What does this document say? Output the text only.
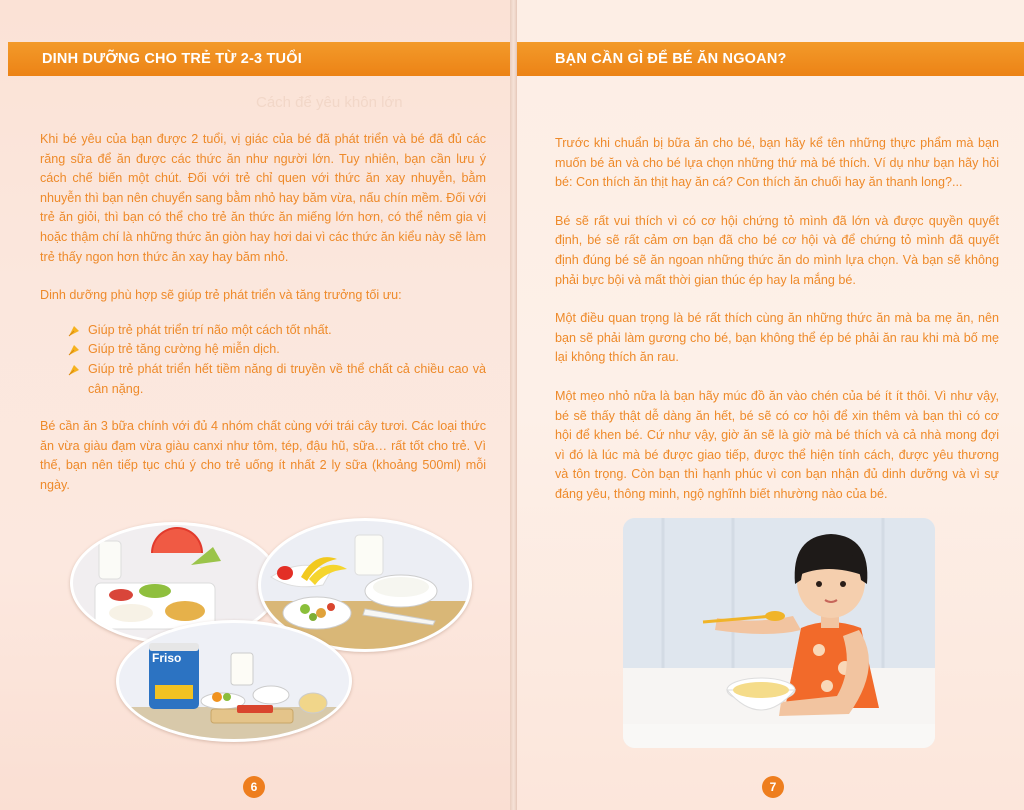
DINH DƯỠNG CHO TRẺ TỪ 2-3 TUỔI
Cách để yêu khôn lớn

Khi bé yêu của bạn được 2 tuổi, vị giác của bé đã phát triển và bé đã đủ các răng sữa để ăn được các thức ăn như người lớn. Tuy nhiên, bạn cần lưu ý cách chế biến một chút. Đối với trẻ chỉ quen với thức ăn xay nhuyễn, bằm nhuyễn thì bạn nên chuyển sang bằm nhỏ hay băm vừa, nấu chín mềm. Đối với trẻ ăn giỏi, thì bạn có thể cho trẻ ăn thức ăn miếng lớn hơn, có thể nêm gia vị hoặc thậm chí là những thức ăn giòn hay hơi dai vì các thức ăn kiểu này sẽ làm trẻ thấy ngon hơn thức ăn xay hay băm nhỏ.

Dinh dưỡng phù hợp sẽ giúp trẻ phát triển và tăng trưởng tối ưu:

Giúp trẻ phát triển trí não một cách tốt nhất.
Giúp trẻ tăng cường hệ miễn dịch.
Giúp trẻ phát triển hết tiềm năng di truyền về thể chất cả chiều cao và cân nặng.

Bé cần ăn 3 bữa chính với đủ 4 nhóm chất cùng với trái cây tươi. Các loại thức ăn vừa giàu đạm vừa giàu canxi như tôm, tép, đậu hũ, sữa… rất tốt cho trẻ. Vì thế, bạn nên tiếp tục chú ý cho trẻ uống ít nhất 2 ly sữa (khoảng 500ml) mỗi ngày.

Friso
6
BẠN CẦN GÌ ĐỂ BÉ ĂN NGOAN?

Trước khi chuẩn bị bữa ăn cho bé, bạn hãy kể tên những thực phẩm mà bạn muốn bé ăn và cho bé lựa chọn những thứ mà bé thích. Ví dụ như bạn hãy hỏi bé: Con thích ăn thịt hay ăn cá? Con thích ăn chuối hay ăn thanh long?...

Bé sẽ rất vui thích vì có cơ hội chứng tỏ mình đã lớn và được quyền quyết định, bé sẽ rất cảm ơn bạn đã cho bé cơ hội và để chứng tỏ mình đã quyết định đúng bé sẽ ăn ngoan những thức ăn do mình lựa chọn. Và bạn sẽ không phải bực bội và mất thời gian thúc ép hay la mắng bé.

Một điều quan trọng là bé rất thích cùng ăn những thức ăn mà ba mẹ ăn, nên bạn sẽ phải làm gương cho bé, bạn không thể ép bé phải ăn rau khi mà bố mẹ lại không thích ăn rau.

Một mẹo nhỏ nữa là bạn hãy múc đồ ăn vào chén của bé ít ít thôi. Vì như vậy, bé sẽ thấy thật dễ dàng ăn hết, bé sẽ có cơ hội để xin thêm và bạn thì có cơ hội để khen bé. Cứ như vậy, giờ ăn sẽ là giờ mà bé thích và cả nhà mong đợi vì đó là lúc mà bé được giao tiếp, được thể hiện tính cách, được yêu thương và tôn trọng. Còn bạn thì hạnh phúc vì con bạn nhận đủ dinh dưỡng và vì sự đáng yêu, thông minh, ngộ nghĩnh biết nhường nào của bé.

7
